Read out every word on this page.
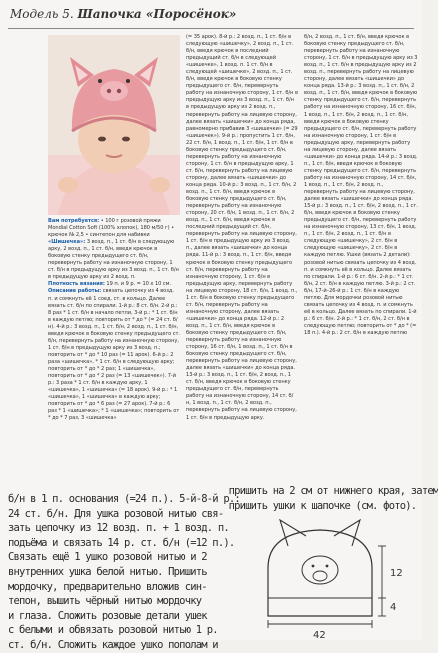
Модель 5. Шапочка «Поросёнок»

Вам потребуется: • 100 г розовой пряжи Mondial Cotton Soft (100% хлопок), 180 м/50 г) • крючок № 2,5 • синтепон для набивки

«Шишечка»: 3 возд. п., 1 ст. б/н в следующую арку, 2 возд. п., 1 ст. б/н, введя крючок в боковую стенку предыдущего ст. б/н, перевернуть работу на изнаночную сторону, 1 ст. б/н в предыдущую арку из 3 возд. п., 1 ст. б/н в предыдущую арку из 2 возд. п.

Плотность вязания: 19 п. и 9 р. = 10 х 10 см.

Описание работы: связать цепочку из 4 возд. п. и сомкнуть её 1 соед. ст. в кольцо. Далее вязать ст. б/н по спирали. 1-й р.: 8 ст. б/н. 2-й р.: 8 раз * 1 ст. б/н в начало петли, 3-й р.: * 1 ст. б/н в каждую петлю; повторить от * до * (= 24 ст. б/н). 4-й р.: 3 возд. п., 1 ст. б/н, 2 возд. п., 1 ст. б/н, введя крючок в боковую стенку предыдущего ст. б/н, перевернуть работу на изнаночную сторону, 1 ст. б/н в предыдущую арку из 3 возд. п.; повторить от * до * 10 раз (= 11 арок). 6-й р.: 2 раза «шишечка», * 1 ст. б/н в следующую арку; повторить от * до * 2 раз; 1 «шишечка», повторить от * до * 2 раз (= 13 «шишечек»). 7-й р.: 3 раза * 1 ст. б/н в каждую арку, 1 «шишечка», 1 «шишечка» (= 18 арок). 9-й р.: * 1 «шишечка», 1 «шишечка» в каждую арку; повторить от * до * 6 раз (= 27 арок). 7-й р.: 6 раз * 1 «шишечка»; * 1 «шишечка»; повторить от * до * 7 раз, 3 «шишечка»

(= 35 арок). 8-й р.: 2 возд. п., 1 ст. б/н в следующую «шишечку», 2 возд. п., 1 ст. б/н, введя крючок в последний предыдущий ст. б/н в следующей «шишечке», 1 возд. п. 1 ст. б/н в следующей «шишечке», 2 возд. п., 1 ст. б/н, введя крючок в боковую стенку предыдущего ст. б/н, перевернуть работу на изнаночную сторону, 1 ст. б/н в предыдущую арку из 3 возд. п., 1 ст. б/н в предыдущую арку из 2 возд. п., перевернуть работу на лицевую сторону, далее вязать «шишечки» до конца ряда, равномерно прибавив 3 «шишечки» (= 29 «шишечек»). 9-й р.: пропустить 1 ст. б/н, 22 ст. б/н, 1 возд. п., 1 ст. б/н, 1 ст. б/н в боковую стенку предыдущего ст. б/н, перевернуть работу на изнаночную сторону, 1 ст. б/н в предыдущую арку, 1 ст. б/н, перевернуть работу на лицевую сторону, далее вязать «шишечки» до конца ряда. 10-й р.: 3 возд. п., 1 ст. б/н, 2 возд. п., 1 ст. б/н, введя крючок в боковую стенку предыдущего ст. б/н, перевернуть работу на изнаночную сторону, 20 ст. б/н, 1 возд. п., 1 ст. б/н, 2 возд. п., 1 ст. б/н, введя крючок в последний предыдущий ст. б/н, перевернуть работу на лицевую сторону, 1 ст. б/н в предыдущую арку из 3 возд. п., далее вязать «шишечки» до конца ряда. 11-й р.: 3 возд. п., 1 ст. б/н, введя крючок в боковую стенку предыдущего ст. б/н, перевернуть работу на изнаночную сторону, 1 ст. б/н в предыдущую арку, перевернуть работу на лицевую сторону, 18 ст. б/н, 1 возд. п., 1 ст. б/н в боковую стенку предыдущего ст. б/н, перевернуть работу на изнаночную сторону, далее вязать «шишечки» до конца ряда. 12-й р.: 2 возд. п., 1 ст. б/н, введя крючок в боковую стенку предыдущего ст. б/н, перевернуть работу на изнаночную сторону, 16 ст. б/н, 1 возд. п., 1 ст. б/н в боковую стенку предыдущего ст. б/н, перевернуть работу на лицевую сторону, далее вязать «шишечки» до конца ряда. 13-й р.: 3 возд. п., 1 ст. б/н, 2 возд. п., 1 ст. б/н, введя крючок в боковую стенку предыдущего ст. б/н, перевернуть работу на изнаночную сторону, 14 ст. б/н, 1 возд. п., 1 ст. б/н, 2 возд. п., перевернуть работу на лицевую сторону, 1 ст. б/н в предыдущую арку.

б/н, 2 возд. п., 1 ст. б/н, введя крючок в боковую стенку предыдущего ст. б/н, перевернуть работу на изнаночную сторону, 1 ст. б/н в предыдущую арку из 3 возд. п., 1 ст. б/н в предыдущую арку из 2 возд. п., перевернуть работу на лицевую сторону, далее вязать «шишечки» до конца ряда. 13-й р.: 3 возд. п., 1 ст. б/н, 2 возд. п., 1 ст. б/н, введя крючок в боковую стенку предыдущего ст. б/н, перевернуть работу на изнаночную сторону, 16 ст. б/н, 1 возд. п., 1 ст. б/н, 2 возд. п., 1 ст. б/н, введя крючок в боковую стенку предыдущего ст. б/н, перевернуть работу на изнаночную сторону, 1 ст. б/н в предыдущую арку, перевернуть работу на лицевую сторону, далее вязать «шишечки» до конца ряда. 14-й р.: 3 возд. п., 1 ст. б/н, введя крючок в боковую стенку предыдущего ст. б/н, перевернуть работу на изнаночную сторону, 14 ст. б/н, 1 возд. п., 1 ст. б/н, 2 возд. п., перевернуть работу на лицевую сторону, далее вязать «шишечки» до конца ряда. 15-й р.: 3 возд. п., 1 ст. б/н, 2 возд. п., 1 ст. б/н, введя крючок в боковую стенку предыдущего ст. б/н, перевернуть работу на изнаночную сторону, 13 ст. б/н, 1 возд. п., 1 ст. б/н, 2 возд. п., 1 ст. б/н в следующую «шишечку», 2 ст. б/н в следующую «шишечку», 2 ст. б/н в каждую петлю. Ушки (вязать 2 детали): розовой нитью связать цепочку из 4 возд. п. и сомкнуть её в кольцо. Далее вязать по спирали. 1-й р.: 6 ст. б/н. 2-й р.: * 1 ст. б/н, 2 ст. б/н в каждую петлю. 3-й р.: 2 ст. б/н, 17-й–26-й р.: 1 ст. б/н в каждую петлю. Для мордочки розовой нитью связать цепочку из 4 возд. п. и сомкнуть её в кольцо. Далее вязать по спирали. 1-й р.: 6 ст. б/н. 2-й р.: * 1 ст. б/н, 2 ст. б/н в следующую петлю; повторить от * до * (= 18 п.). 4-й р.: 2 ст. б/н в каждую петлю

б/н в 1 п. основания (=24 п.). 5-й-8-й р.:
24 ст. б/н. Для ушка розовой нитью свя-
зать цепочку из 12 возд. п. + 1 возд. п.
подъёма и связать 14 р. ст. б/н (=12 п.).
Связать ещё 1 ушко розовой нитью и 2
внутренних ушка белой нитью. Пришить
мордочку, предварительно вложив син-
тепон, вышить чёрный нитью мордочку
и глаза. Сложить розовые детали ушек
с белыми и обвязать розовой нитью 1 р.
ст. б/н. Сложить каждое ушко пополам и
пришить на 2 см от нижнего края, затем
пришить ушки к шапочке (см. фото).
12
4
42
